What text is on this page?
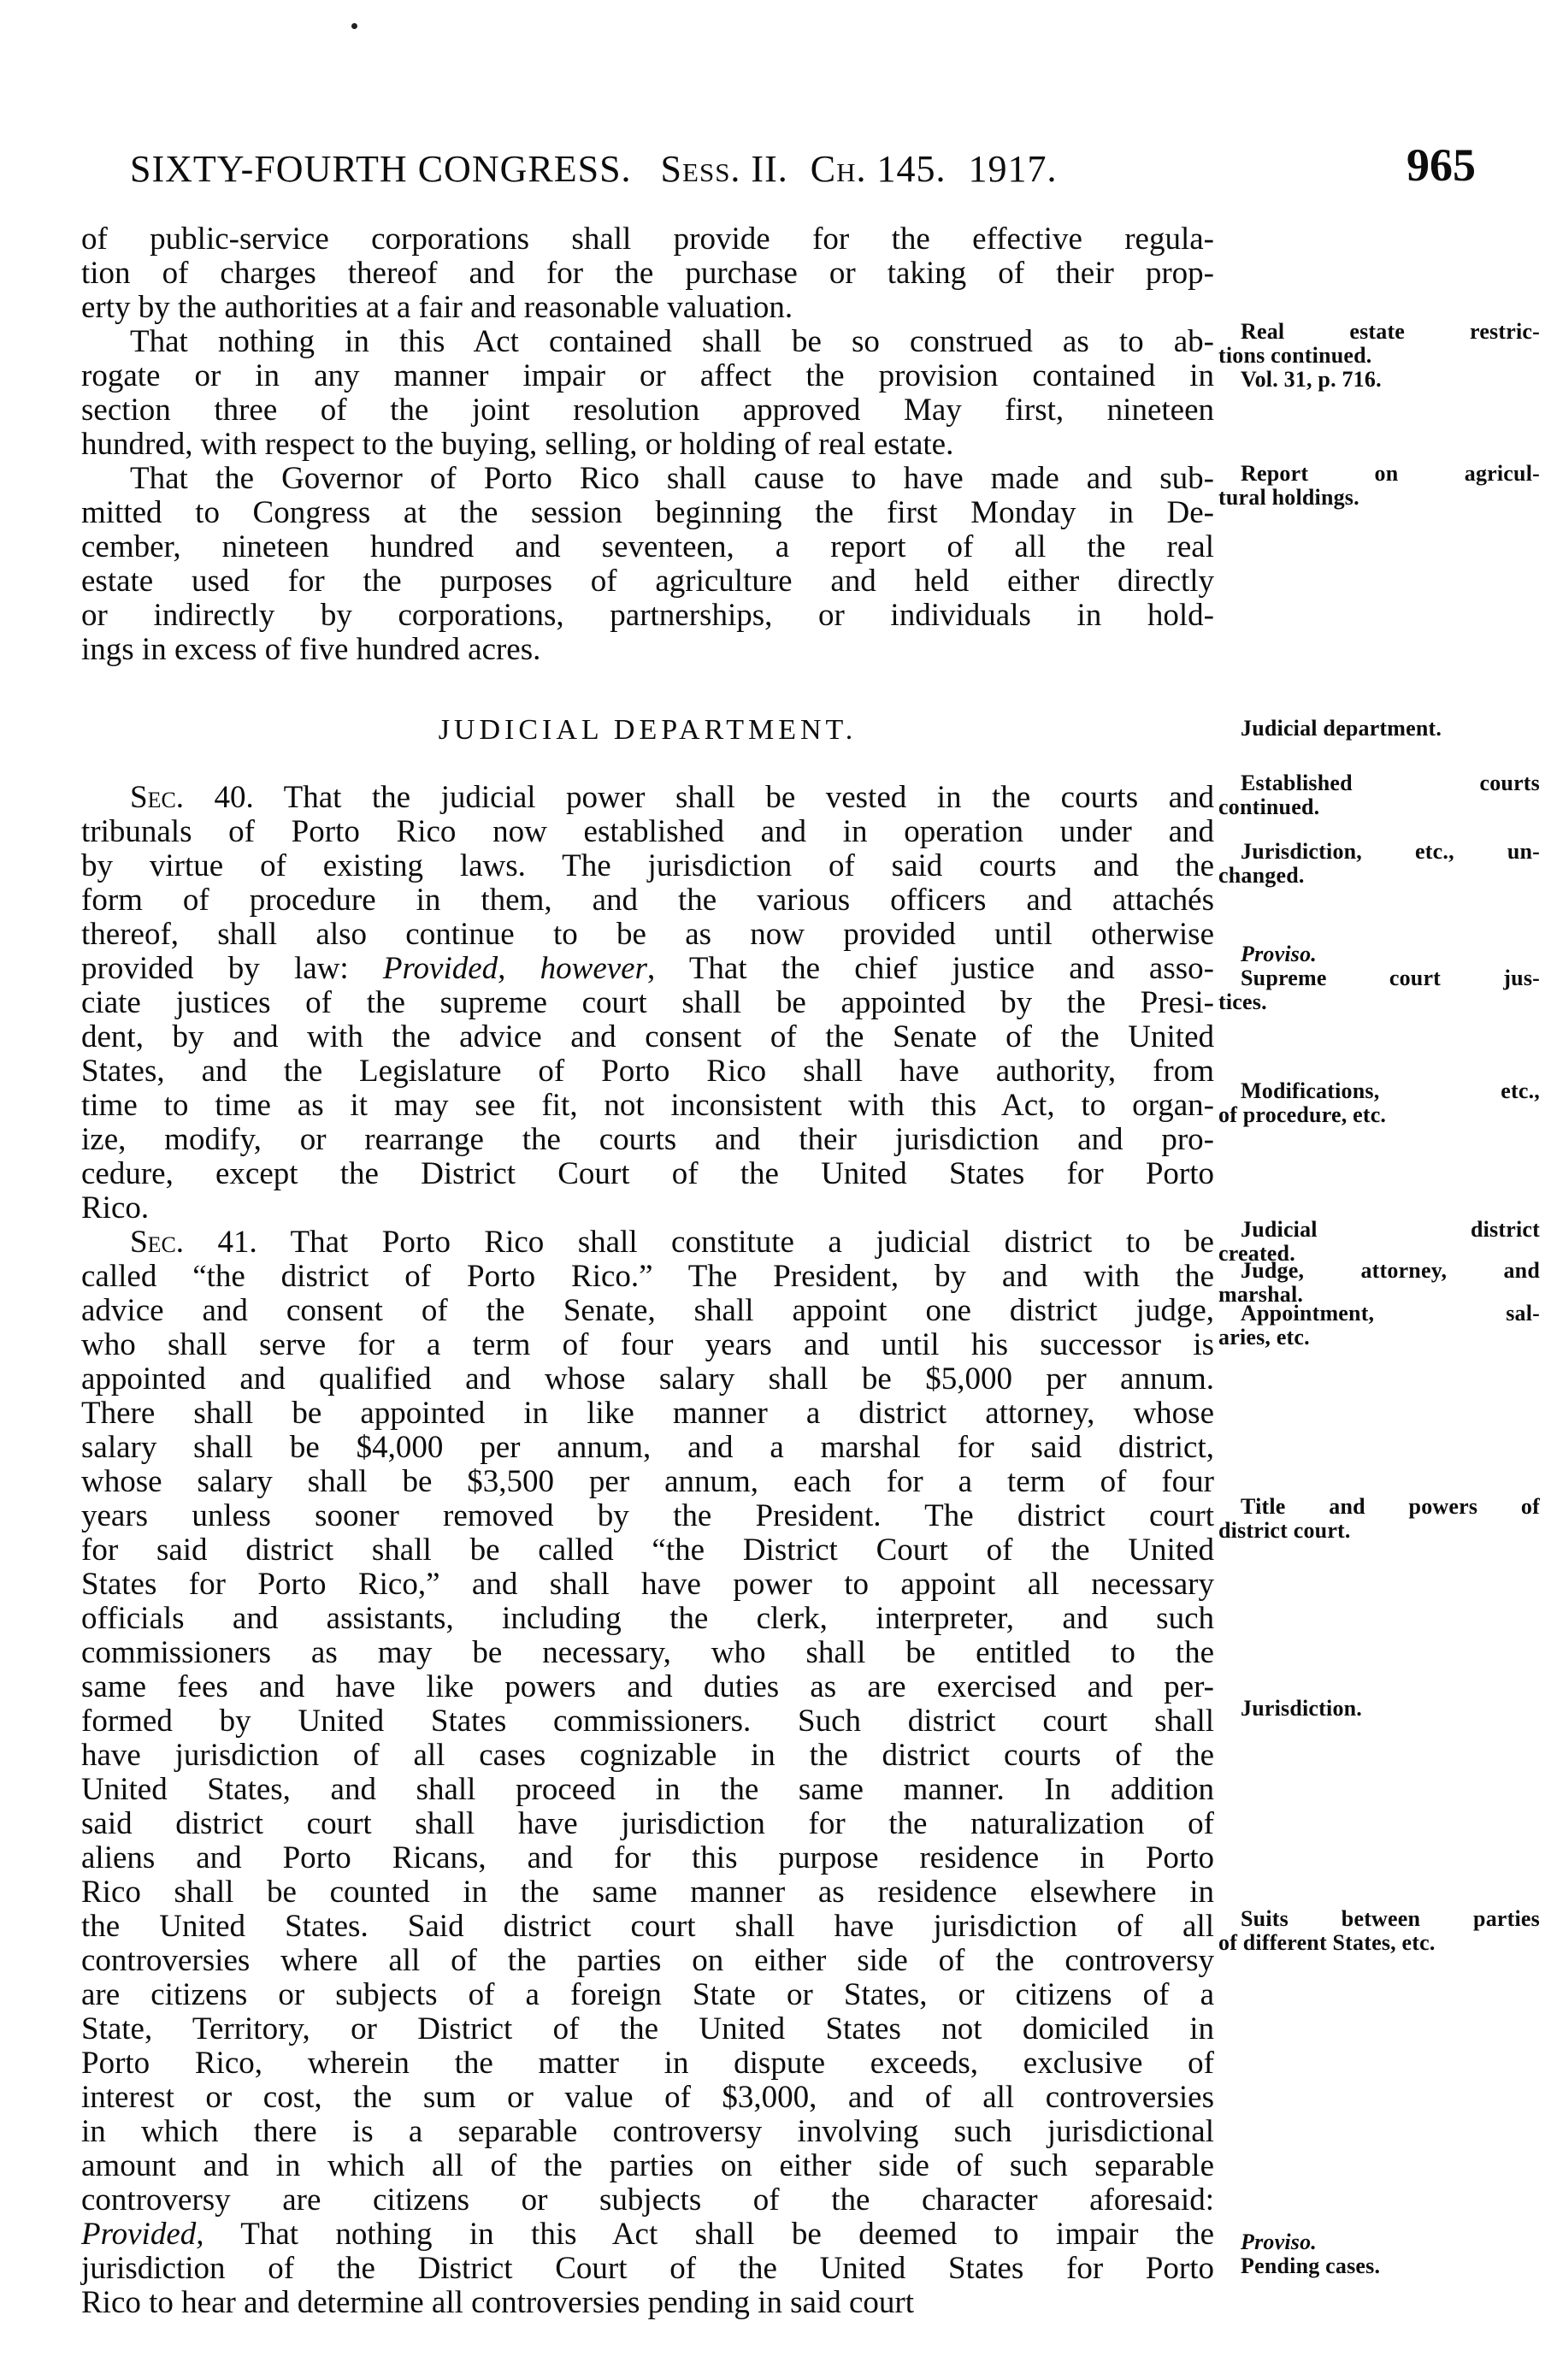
SIXTY-FOURTH CONGRESS. Sess. II. Ch. 145. 1917.	965
of public-service corporations shall provide for the effective regula-
tion of charges thereof and for the purchase or taking of their prop-
erty by the authorities at a fair and reasonable valuation.
That nothing in this Act contained shall be so construed as to ab-
rogate or in any manner impair or affect the provision contained in
section three of the joint resolution approved May first, nineteen
hundred, with respect to the buying, selling, or holding of real estate.
That the Governor of Porto Rico shall cause to have made and sub-
mitted to Congress at the session beginning the first Monday in De-
cember, nineteen hundred and seventeen, a report of all the real
estate used for the purposes of agriculture and held either directly
or indirectly by corporations, partnerships, or individuals in hold-
ings in excess of five hundred acres.
JUDICIAL DEPARTMENT.
Sec. 40. That the judicial power shall be vested in the courts and
tribunals of Porto Rico now established and in operation under and
by virtue of existing laws. The jurisdiction of said courts and the
form of procedure in them, and the various officers and attachés
thereof, shall also continue to be as now provided until otherwise
provided by law: Provided, however, That the chief justice and asso-
ciate justices of the supreme court shall be appointed by the Presi-
dent, by and with the advice and consent of the Senate of the United
States, and the Legislature of Porto Rico shall have authority, from
time to time as it may see fit, not inconsistent with this Act, to organ-
ize, modify, or rearrange the courts and their jurisdiction and pro-
cedure, except the District Court of the United States for Porto
Rico.
Sec. 41. That Porto Rico shall constitute a judicial district to be
called “the district of Porto Rico.” The President, by and with the
advice and consent of the Senate, shall appoint one district judge,
who shall serve for a term of four years and until his successor is
appointed and qualified and whose salary shall be $5,000 per annum.
There shall be appointed in like manner a district attorney, whose
salary shall be $4,000 per annum, and a marshal for said district,
whose salary shall be $3,500 per annum, each for a term of four
years unless sooner removed by the President. The district court
for said district shall be called “the District Court of the United
States for Porto Rico,” and shall have power to appoint all necessary
officials and assistants, including the clerk, interpreter, and such
commissioners as may be necessary, who shall be entitled to the
same fees and have like powers and duties as are exercised and per-
formed by United States commissioners. Such district court shall
have jurisdiction of all cases cognizable in the district courts of the
United States, and shall proceed in the same manner. In addition
said district court shall have jurisdiction for the naturalization of
aliens and Porto Ricans, and for this purpose residence in Porto
Rico shall be counted in the same manner as residence elsewhere in
the United States. Said district court shall have jurisdiction of all
controversies where all of the parties on either side of the controversy
are citizens or subjects of a foreign State or States, or citizens of a
State, Territory, or District of the United States not domiciled in
Porto Rico, wherein the matter in dispute exceeds, exclusive of
interest or cost, the sum or value of $3,000, and of all controversies
in which there is a separable controversy involving such jurisdictional
amount and in which all of the parties on either side of such separable
controversy are citizens or subjects of the character aforesaid:
Provided, That nothing in this Act shall be deemed to impair the
jurisdiction of the District Court of the United States for Porto
Rico to hear and determine all controversies pending in said court
Real estate restric-
tions continued.
Vol. 31, p. 716.
Report on agricul-
tural holdings.
Judicial department.
Established courts
continued.
Jurisdiction, etc., un-
changed.
Proviso.
Supreme court jus-
tices.
Modifications, etc.,
of procedure, etc.
Judicial district
created.
Judge, attorney, and
marshal.
Appointment, sal-
aries, etc.
Title and powers of
district court.
Jurisdiction.
Suits between parties
of different States, etc.
Proviso.
Pending cases.
